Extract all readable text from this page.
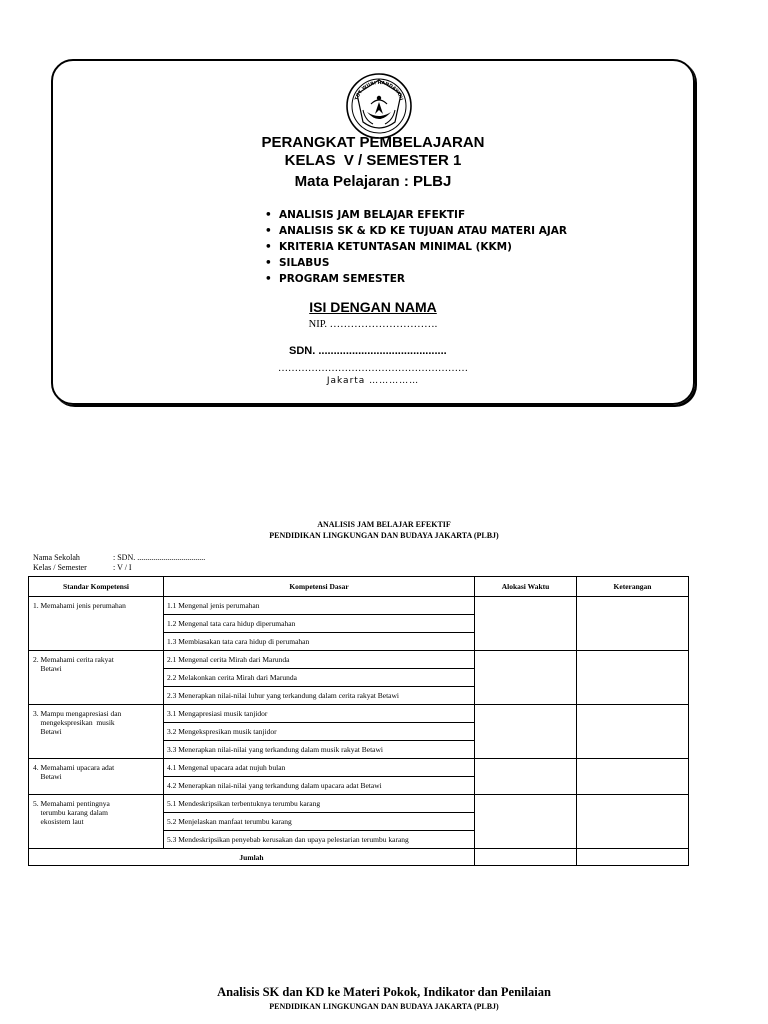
TUT WURI HANDAYANI
PERANGKAT PEMBELAJARAN
KELAS  V / SEMESTER 1
Mata Pelajaran : PLBJ
• ANALISIS JAM BELAJAR EFEKTIF
• ANALISIS SK & KD KE TUJUAN ATAU MATERI AJAR
• KRITERIA KETUNTASAN MINIMAL (KKM)
• SILABUS
• PROGRAM SEMESTER
ISI DENGAN NAMA
NIP. ………………………….
SDN. ..........................................
…………………………………………………
Jakarta ……………
ANALISIS JAM BELAJAR EFEKTIF
PENDIDIKAN LINGKUNGAN DAN BUDAYA JAKARTA (PLBJ)
Nama Sekolah	: SDN. ..................................
Kelas / Semester	: V / I
Standar Kompetensi	Kompetensi Dasar	Alokasi Waktu	Keterangan
1. Memahami jenis perumahan	1.1 Mengenal jenis perumahan		
	1.2 Mengenal tata cara hidup diperumahan		
	1.3 Membiasakan tata cara hidup di perumahan		
2. Memahami cerita rakyat
Betawi	2.1 Mengenal cerita Mirah dari Marunda		
	2.2 Melakonkan cerita Mirah dari Marunda		
	2.3 Menerapkan nilai-nilai luhur yang terkandung dalam cerita rakyat Betawi		
3. Mampu mengapresiasi dan
mengekspresikan  musik
Betawi	3.1 Mengapresiasi musik tanjidor		
	3.2 Mengekspresikan musik tanjidor		
	3.3 Menerapkan nilai-nilai yang terkandung dalam musik rakyat Betawi		
4. Memahami upacara adat
Betawi	4.1 Mengenal upacara adat nujuh bulan		
	4.2 Menerapkan nilai-nilai yang terkandung dalam upacara adat Betawi		
5. Memahami pentingnya
terumbu karang dalam
ekosistem laut	5.1 Mendeskripsikan terbentuknya terumbu karang		
	5.2 Menjelaskan manfaat terumbu karang		
	5.3 Mendeskripsikan penyebab kerusakan dan upaya pelestarian terumbu karang		
Jumlah			
Analisis SK dan KD ke Materi Pokok, Indikator dan Penilaian
PENDIDIKAN LINGKUNGAN DAN BUDAYA JAKARTA (PLBJ)
